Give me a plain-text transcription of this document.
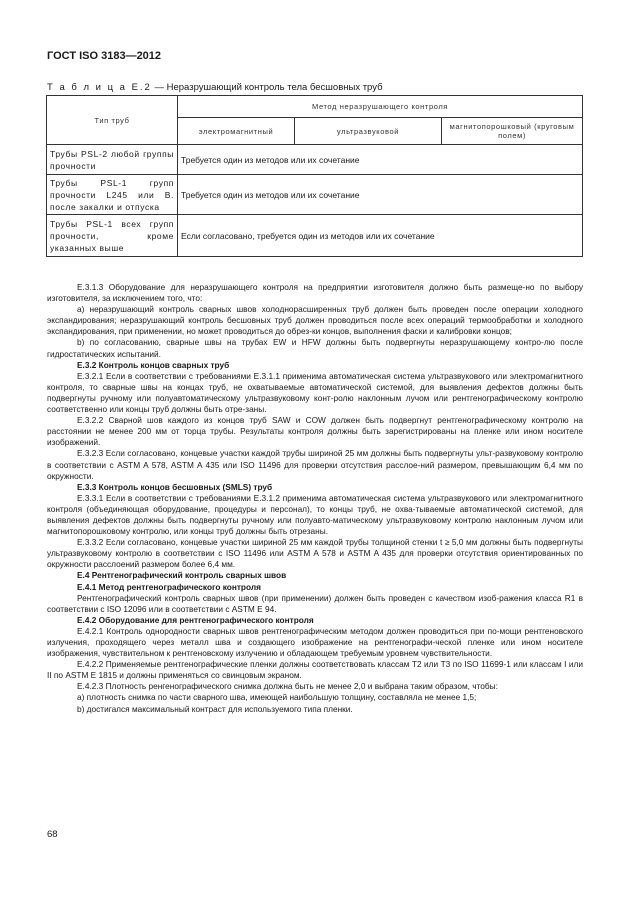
ГОСТ ISO 3183—2012
Т а б л и ц а E.2 — Неразрушающий контроль тела бесшовных труб
Тип труб	Метод неразрушающего контроля		
	электромагнитный	ультразвуковой	магнитопорошковый (круговым полем)
Трубы PSL-2 любой группы прочности	Требуется один из методов или их сочетание		
Трубы PSL-1 групп прочности L245 или B. после закалки и отпуска	Требуется один из методов или их сочетание		
Трубы PSL-1 всех групп прочности, кроме указанных выше	Если согласовано, требуется один из методов или их сочетание		

E.3.1.3 Оборудование для неразрушающего контроля на предприятии изготовителя должно быть размеще-но по выбору изготовителя, за исключением того, что:

a) неразрушающий контроль сварных швов холоднорасширенных труб должен быть проведен после операции холодного экспандирования; неразрушающий контроль бесшовных труб должен проводиться после всех операций термообработки и холодного экспандирования, при применении, но может проводиться до обрез-ки концов, выполнения фаски и калибровки концов;

b) по согласованию, сварные швы на трубах EW и HFW должны быть подвергнуты неразрушающему контро-лю после гидростатических испытаний.

E.3.2 Контроль концов сварных труб

E.3.2.1 Если в соответствии с требованиями E.3.1.1 применима автоматическая система ультразвукового или электромагнитного контроля, то сварные швы на концах труб, не охватываемые автоматической системой, для выявления дефектов должны быть подвергнуты ручному или полуавтоматическому ультразвуковому конт-ролю наклонным лучом или рентгенографическому контролю соответственно или концы труб должны быть отре-заны.

E.3.2.2 Сварной шов каждого из концов труб SAW и COW должен быть подвергнут рентгенографическому контролю на расстоянии не менее 200 мм от торца трубы. Результаты контроля должны быть зарегистрированы на пленке или ином носителе изображений.

E.3.2.3 Если согласовано, концевые участки каждой трубы шириной 25 мм должны быть подвергнуты ульт-развуковому контролю в соответствии с ASTM A 578, ASTM A 435 или ISO 11496 для проверки отсутствия расслое-ний размером, превышающим 6,4 мм по окружности.

E.3.3 Контроль концов бесшовных (SMLS) труб

E.3.3.1 Если в соответствии с требованиями E.3.1.2 применима автоматическая система ультразвукового или электромагнитного контроля (объединяющая оборудование, процедуры и персонал), то концы труб, не охва-тываемые автоматической системой, для выявления дефектов должны быть подвергнуты ручному или полуавто-матическому ультразвуковому контролю наклонным лучом или магнитопорошковому контролю, или концы труб должны быть отрезаны.

E.3.3.2 Если согласовано, концевые участки шириной 25 мм каждой трубы толщиной стенки t ≥ 5,0 мм должны быть подвергнуты ультразвуковому контролю в соответствии с ISO 11496 или ASTM A 578 и ASTM A 435 для проверки отсутствия ориентированных по окружности расслоений размером более 6,4 мм.

E.4 Рентгенографический контроль сварных швов

E.4.1 Метод рентгенографического контроля

Рентгенографический контроль сварных швов (при применении) должен быть проведен с качеством изоб-ражения класса R1 в соответствии с ISO 12096 или в соответствии с ASTM E 94.

E.4.2 Оборудование для рентгенографического контроля

E.4.2.1 Контроль однородности сварных швов рентгенографическим методом должен проводиться при по-мощи рентгеновского излучения, проходящего через металл шва и создающего изображение на рентгенографи-ческой пленке или ином носителе изображения, чувствительном к рентгеновскому излучению и обладающем требуемым уровнем чувствительности.

E.4.2.2 Применяемые рентгенографические пленки должны соответствовать классам T2 или T3 по ISO 11699-1 или классам I или II по ASTM E 1815 и должны применяться со свинцовым экраном.

E.4.2.3 Плотность ренгенографического снимка должна быть не менее 2,0 и выбрана таким образом, чтобы:

a) плотность снимка по части сварного шва, имеющей наибольшую толщину, составляла не менее 1,5;

b) достигался максимальный контраст для используемого типа пленки.

68
